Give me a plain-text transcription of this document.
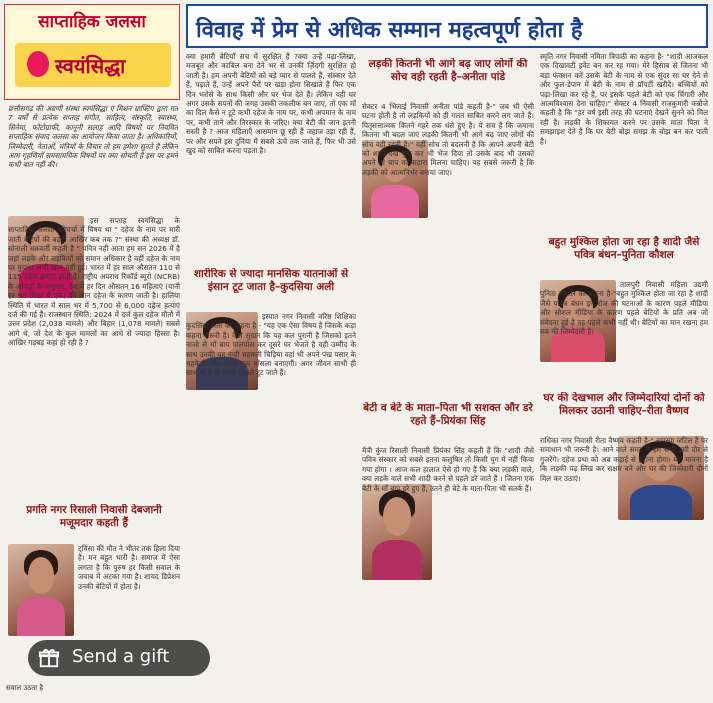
साप्ताहिक जलसा
स्वयंसिद्धा
विवाह में प्रेम से अधिक सम्मान महत्वपूर्ण होता है
छत्तीसगढ़ की अग्रणी संस्था स्वयंसिद्धा ए मिशन ग्राफ्टिंग द्वारा गत 7 वर्षों से प्रत्येक सप्ताह संगीत, साहित्य, संस्कृति, स्वास्थ्य, सिनेमा, फोटोग्राफी, कानूनी सलाह आदि विषयों पर नियमित सप्ताहिक संवाद जलसा का आयोजन किया जाता है। अधिकारियों, जिम्मेदारी, नेताओं, मंत्रियों के विचार तो हम हमेशा सुनते है लेकिन आम गृहणियों समसामयिक विषयों पर क्या सोचती है इस पर हमने कभी बात नहीं की।
इस सप्ताह स्वयंसिद्धा के साप्ताहिक जलसा परिचर्चा में विषय था " दहेज के नाम पर मारी जाती बेटियों की बढ़ती आखिर कब तक ?" संस्था की अध्यक्ष डॉ. सोनाली चक्रवर्ती कहती है " पवित्र नहीं आता हम सन 2026 में है जहां लड़के और लड़कियों को समान अधिकार है वहीं दहेज के नाम पर कुप्रथा अभी खत्म नहीं हुई। भारत में हर साल औसतन 110 से 115 दहेज हत्याएं होती हैं। राष्ट्रीय अपराध रिकॉर्ड ब्यूरो (NCRB) के आंकड़ों के अनुसार, देश में हर दिन औसतन 16 महिलाएं (यानी हर 90 मिनट में एक) की जान दहेज के कारण जाती है। हालिया स्थिति में भारत में साल भर में 5,700 से 6,000 दहेज हत्याएं दर्ज की गई हैं। राजस्थान स्थिति: 2024 में दर्ज कुल दहेज मौतों में उत्तर प्रदेश (2,038 मामले) और बिहार (1,078 मामले) सबसे आगे थे, जो देश के कुल मामलों का आधे से ज्यादा हिस्सा है। आखिर गड़बड़ कहां हो रही है ?
प्रगति नगर रिसाली निवासी देबजानी मजूमदार कहती हैं
ट्विंसा की मौत ने भीतर तक हिला दिया है। मन बहुत भारी है। समाज में ऐसा लगता है कि पुरुष हर किसी सवाल के जवाब में अटका गया है। शायद डिप्रेशन उनकी बेटियों में होता है।
सवाल उठता है
क्या हमारी बेटियाँ सच में सुरक्षित हैं ?क्या उन्हें पढ़ा-लिखा, मजबूत और काबिल बना देने भर से उनकी ज़िंदगी सुरक्षित हो जाती है। हम अपनी बेटियों को बड़े प्यार से पालते हैं, संस्कार देते हैं, पढ़ाते हैं, उन्हें अपने पैरों पर खड़ा होना सिखाते हैं फिर एक दिन भरोसे के साथ किसी और घर भेज देते हैं। लेकिन यही घर अगर उसके सपनों की जगह उसकी तकलीफ बन जाए, तो एक माँ का दिल कैसे न टूटे कभी दहेज के नाम पर, कभी अपमान के नाम पर, कभी ताने और तिरस्कार के जरिए। क्या बेटी की जान इतनी सस्ती है ? आज महिलाएँ आसमान छू रही हैं जहाज उड़ा रही हैं, पर और सपने इस दुनिया में सबसे ऊंचे तक जाते हैं, फिर भी उसे खुद को साबित करना पड़ता है।
शारीरिक से ज्यादा मानसिक यातनाओं से इंसान टूट जाता है–कुदसिया अली
इस्पात नगर निवासी वरिष्ठ शिक्षिका कुदसिया अली का कहना है - "यह एक ऐसा विषय है जिसके कड़ा कहना ज़रूरी है। कैसे सुखन कि यह कल पुरानी है जिसको इतने नाजो से माँ बाप पालपोस कर दूसरे घर भेजते है वही उम्मीद के साथ उनकी यह नन्ही चहकती चिड़िया वहां भी अपने पंख पसार के चहकेगी और अपना एक घोंसला बनाएगी। अगर जीवन साथी ही साथ ना दे तो उसके हौसले टूट जाते हैं।
लड़की कितनी भी आगे बढ़ जाए लोगों की सोच वही रहती है–अनीता पांडे
सेक्टर 4 भिलाई निवासी अनीता पांडे कहती है-" जब भी ऐसी घटना होती है तो लड़कियों को ही गलत साबित करने लग जाते हैं। पितृसत्तात्मक कितने गहरे तक धंसे हुए है। ये सच है कि जमाना कितना भी बदल जाए लड़की कितनी भी आगे बढ़ जाए लोगों की सोच वही रहती है।" वहीं सोच तो बदलनी है कि आपने अपनी बेटी को शादी देख गुण कर भी भेज दिया तो उसके बाद भी उसको अपने मां बाप का सहारा मिलना चाहिए। यह सबसे जरूरी है कि लड़की को आत्मनिर्भर बनाया जाए।
बेटी व बेटे के माता–पिता भी सशक्त और डरे रहते हैं–प्रियंका सिंह
मैत्री कुंज रिसाली निवासी प्रियंका सिंह कहती हैं कि "शादी जैसे पवित्र संस्कार को सबसे इतना कलुषित तो किसी युग में नहीं किया गया होगा । आज कल हालात ऐसे हो गए हैं कि क्या लड़की वाले, क्या लड़के वाले सभी शादी करने से पहले डरे जाते हैं । जितना एक बेटी के माँ बाप डरे हुए हैं, उतने ही बेटे के माता-पिता भी सतर्क हैं।
स्मृति नगर निवासी नमिता त्रिपाठी का कहना है- "शादी आजकल एक दिखावटी इवेंट बन कर रह गया। मेरे हिसाब से जितना भी बड़ा फंक्शन करें उसके बेटी के नाम से एक सुंदर सा घर देने से और फुल-डेपान में बेटी के नाम से प्रॉपर्टी खरीदे। बच्चियों को पढ़ा-लिखा कर रहे हैं, पर इसके पहले बेटी को एक चिंगारी और आत्मविश्वास देना चाहिए।" सेक्टर 4 निवासी राजकुमारी कन्नौजे कहती है कि "हर वर्ष इसी तरह की घटनाएं देखने सुनने को मिल रही है। लड़की के शिकायत करने पर उसके माता पिता ने समझाइश देते है कि घर बेटी बोझ समझ के बोझ बन कर पाती है।
बहुत मुश्किल होता जा रहा है शादी जैसे पवित्र बंधन–पुनिता कौशल
तालपुरी निवासी महिला उद्यमी पुनिता कौशल का कहना है-"बहुत मुश्किल होता जा रहा है शादी जैसे पवित्र बंधन इन रोज की घटनाओं के कारण पहले मीडिया और सोशल मीडिया के कारण पहले बेटियों के प्रति अब जो संवेदना हुई है वह पहले कभी नहीं थी। बेटियों का मान रखना हम सब की जिम्मेदारी है।
घर की देखभाल और जिम्मेदारियां दोनों को मिलकर उठानी चाहिए–रीता वैष्णव
राधिका नगर निवासी रीता वैष्णव कहती है-" समस्या जटिल है पर समाधान भी जरूरी है। आने वाले समय में हम सभी इसी दौर से गुजरेंगे। दहेज प्रथा को अब कड़ाई से हटाना होगा। मेरा मानना है कि लड़की पढ़ लिख कर सक्षम बने और घर की जिम्मेदारी दोनों मिल कर उठाएं।
Send a gift
